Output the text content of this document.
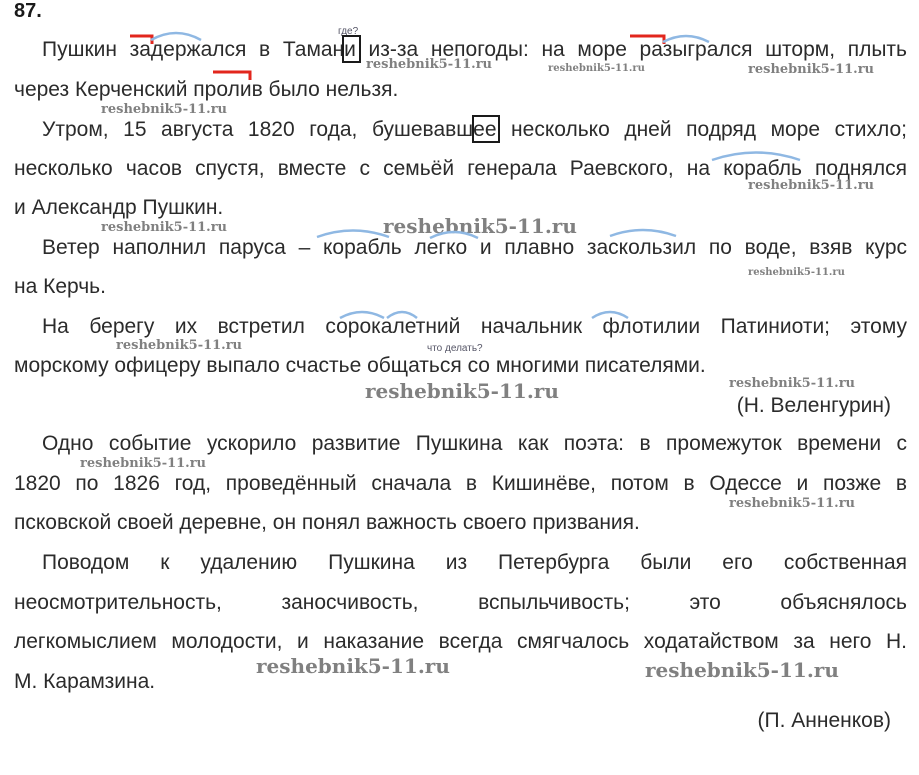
87.
Пушкин задержался в Тамани из-за непогоды: на море разыгрался шторм, плыть
через Керченский пролив было нельзя.
Утром, 15 августа 1820 года, бушевавшее несколько дней подряд море стихло;
несколько часов спустя, вместе с семьёй генерала Раевского, на корабль поднялся
и Александр Пушкин.
Ветер наполнил паруса – корабль легко и плавно заскользил по воде, взяв курс
на Керчь.
На берегу их встретил сорокалетний начальник флотилии Патиниоти; этому
морскому офицеру выпало счастье общаться со многими писателями.
(Н. Веленгурин)
Одно событие ускорило развитие Пушкина как поэта: в промежуток времени с
1820 по 1826 год, проведённый сначала в Кишинёве, потом в Одессе и позже в
псковской своей деревне, он понял важность своего призвания.
Поводом к удалению Пушкина из Петербурга были его собственная
неосмотрительность, заносчивость, вспыльчивость; это объяснялось
легкомыслием молодости, и наказание всегда смягчалось ходатайством за него Н.
М. Карамзина.
(П. Анненков)
где?
что делать?
reshebnik5-11.ru	reshebnik5-11.ru	reshebnik5-11.ru
reshebnik5-11.ru
reshebnik5-11.ru
reshebnik5-11.ru	reshebnik5-11.ru
reshebnik5-11.ru
reshebnik5-11.ru
reshebnik5-11.ru	reshebnik5-11.ru
reshebnik5-11.ru
reshebnik5-11.ru
reshebnik5-11.ru	reshebnik5-11.ru
